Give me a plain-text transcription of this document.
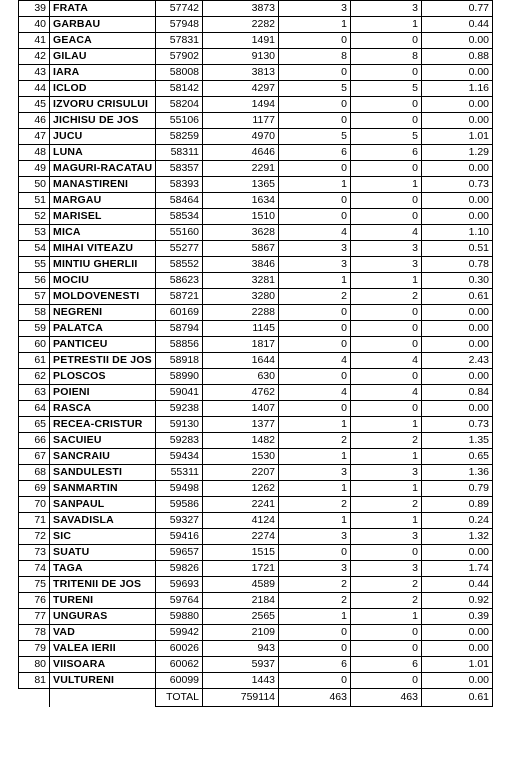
39	FRATA	57742	3873	3	3	0.77
40	GARBAU	57948	2282	1	1	0.44
41	GEACA	57831	1491	0	0	0.00
42	GILAU	57902	9130	8	8	0.88
43	IARA	58008	3813	0	0	0.00
44	ICLOD	58142	4297	5	5	1.16
45	IZVORU CRISULUI	58204	1494	0	0	0.00
46	JICHISU DE JOS	55106	1177	0	0	0.00
47	JUCU	58259	4970	5	5	1.01
48	LUNA	58311	4646	6	6	1.29
49	MAGURI-RACATAU	58357	2291	0	0	0.00
50	MANASTIRENI	58393	1365	1	1	0.73
51	MARGAU	58464	1634	0	0	0.00
52	MARISEL	58534	1510	0	0	0.00
53	MICA	55160	3628	4	4	1.10
54	MIHAI VITEAZU	55277	5867	3	3	0.51
55	MINTIU GHERLII	58552	3846	3	3	0.78
56	MOCIU	58623	3281	1	1	0.30
57	MOLDOVENESTI	58721	3280	2	2	0.61
58	NEGRENI	60169	2288	0	0	0.00
59	PALATCA	58794	1145	0	0	0.00
60	PANTICEU	58856	1817	0	0	0.00
61	PETRESTII DE JOS	58918	1644	4	4	2.43
62	PLOSCOS	58990	630	0	0	0.00
63	POIENI	59041	4762	4	4	0.84
64	RASCA	59238	1407	0	0	0.00
65	RECEA-CRISTUR	59130	1377	1	1	0.73
66	SACUIEU	59283	1482	2	2	1.35
67	SANCRAIU	59434	1530	1	1	0.65
68	SANDULESTI	55311	2207	3	3	1.36
69	SANMARTIN	59498	1262	1	1	0.79
70	SANPAUL	59586	2241	2	2	0.89
71	SAVADISLA	59327	4124	1	1	0.24
72	SIC	59416	2274	3	3	1.32
73	SUATU	59657	1515	0	0	0.00
74	TAGA	59826	1721	3	3	1.74
75	TRITENII DE JOS	59693	4589	2	2	0.44
76	TURENI	59764	2184	2	2	0.92
77	UNGURAS	59880	2565	1	1	0.39
78	VAD	59942	2109	0	0	0.00
79	VALEA IERII	60026	943	0	0	0.00
80	VIISOARA	60062	5937	6	6	1.01
81	VULTURENI	60099	1443	0	0	0.00
		TOTAL	759114	463	463	0.61
